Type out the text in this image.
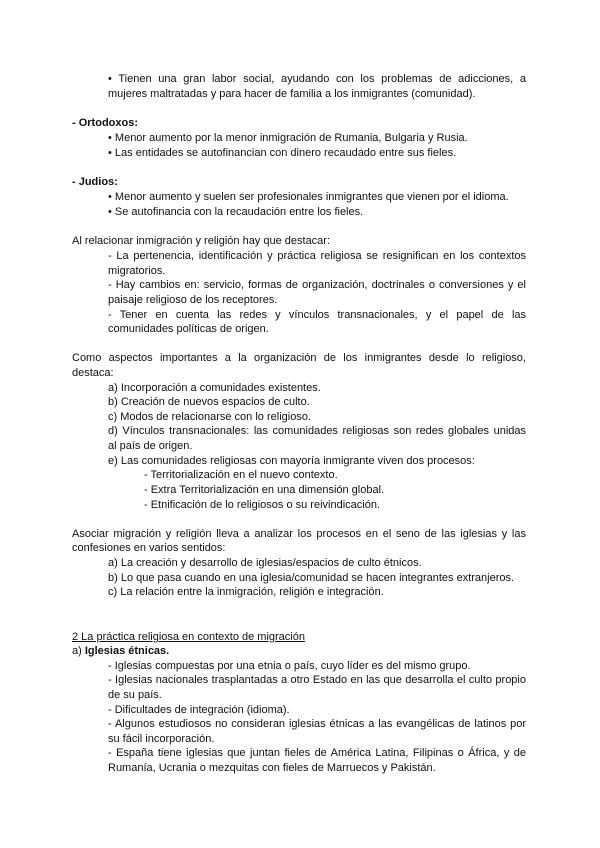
• Tienen una gran labor social, ayudando con los problemas de adicciones, a
mujeres maltratadas y para hacer de familia a los inmigrantes (comunidad).
- Ortodoxos:
• Menor aumento por la menor inmigración de Rumania, Bulgaria y Rusia.
• Las entidades se autofinancian con dinero recaudado entre sus fieles.
- Judios:
• Menor aumento y suelen ser profesionales inmigrantes que vienen por el idioma.
• Se autofinancia con la recaudación entre los fieles.
Al relacionar inmigración y religión hay que destacar:
- La pertenencia, identificación y práctica religiosa se resignifican en los contextos
migratorios.
- Hay cambios en: servicio, formas de organización, doctrinales o conversiones y el
paisaje religioso de los receptores.
- Tener en cuenta las redes y vínculos transnacionales, y el papel de las
comunidades políticas de origen.
Como aspectos importantes a la organización de los inmigrantes desde lo religioso,
destaca:
a) Incorporación a comunidades existentes.
b) Creación de nuevos espacios de culto.
c) Modos de relacionarse con lo religioso.
d) Vínculos transnacionales: las comunidades religiosas son redes globales unidas
al país de origen.
e) Las comunidades religiosas con mayoría inmigrante viven dos procesos:
- Territorialización en el nuevo contexto.
- Extra Territorialización en una dimensión global.
- Etnificación de lo religiosos o su reivindicación.
Asociar migración y religión lleva a analizar los procesos en el seno de las iglesias y las
confesiones en varios sentidos:
a) La creación y desarrollo de iglesias/espacios de culto étnicos.
b) Lo que pasa cuando en una iglesia/comunidad se hacen integrantes extranjeros.
c) La relación entre la inmigración, religión e integración.
2 La práctica religiosa en contexto de migración
a) Iglesias étnicas.
- Iglesias compuestas por una etnia o país, cuyo líder es del mismo grupo.
- Iglesias nacionales trasplantadas a otro Estado en las que desarrolla el culto propio
de su país.
- Dificultades de integración (idioma).
- Algunos estudiosos no consideran iglesias étnicas a las evangélicas de latinos por
su fácil incorporación.
- España tiene iglesias que juntan fieles de América Latina, Filipinas o África, y de
Rumanía, Ucrania o mezquitas con fieles de Marruecos y Pakistán.
